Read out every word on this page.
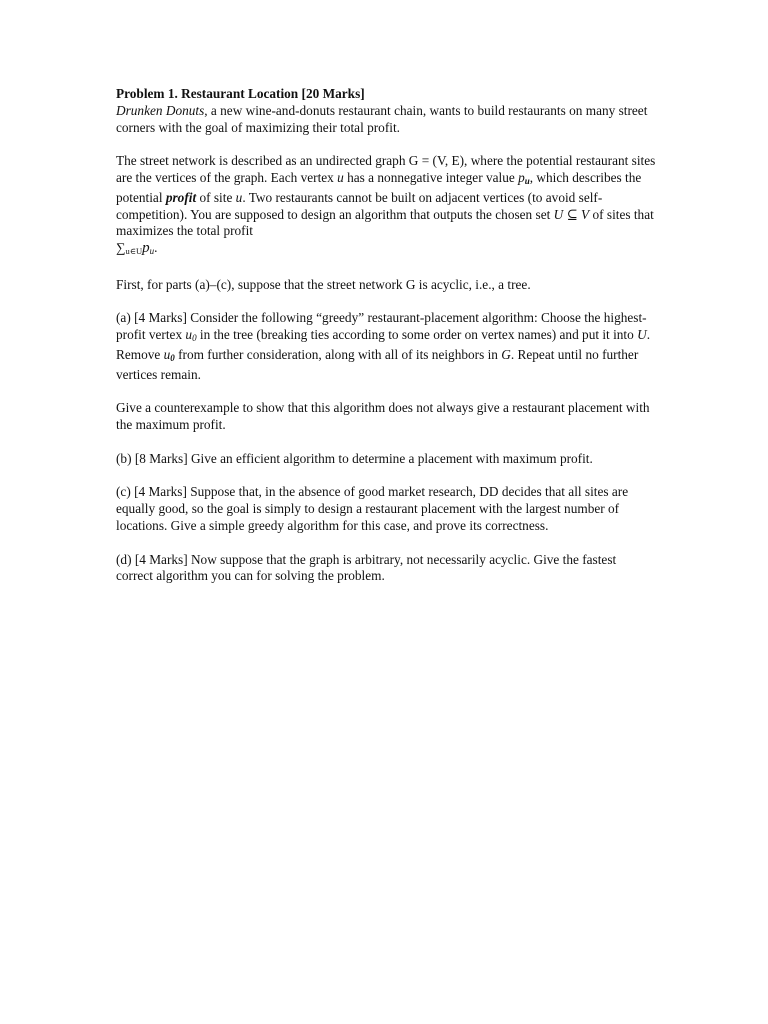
Problem 1. Restaurant Location [20 Marks]
Drunken Donuts, a new wine-and-donuts restaurant chain, wants to build restaurants on many street corners with the goal of maximizing their total profit.

The street network is described as an undirected graph G = (V, E), where the potential restaurant sites are the vertices of the graph. Each vertex u has a nonnegative integer value pu, which describes the potential profit of site u. Two restaurants cannot be built on adjacent vertices (to avoid self-competition). You are supposed to design an algorithm that outputs the chosen set U ⊆ V of sites that maximizes the total profit
$\sum u\in Up_u$.

First, for parts (a)–(c), suppose that the street network G is acyclic, i.e., a tree.

(a) [4 Marks] Consider the following “greedy” restaurant-placement algorithm: Choose the highest- profit vertex $u_0$ in the tree (breaking ties according to some order on vertex names) and put it into U. Remove u0 from further consideration, along with all of its neighbors in G. Repeat until no further vertices remain.

Give a counterexample to show that this algorithm does not always give a restaurant placement with the maximum profit.

(b) [8 Marks] Give an efficient algorithm to determine a placement with maximum profit.

(c) [4 Marks] Suppose that, in the absence of good market research, DD decides that all sites are equally good, so the goal is simply to design a restaurant placement with the largest number of locations. Give a simple greedy algorithm for this case, and prove its correctness.

(d) [4 Marks] Now suppose that the graph is arbitrary, not necessarily acyclic. Give the fastest correct algorithm you can for solving the problem.
